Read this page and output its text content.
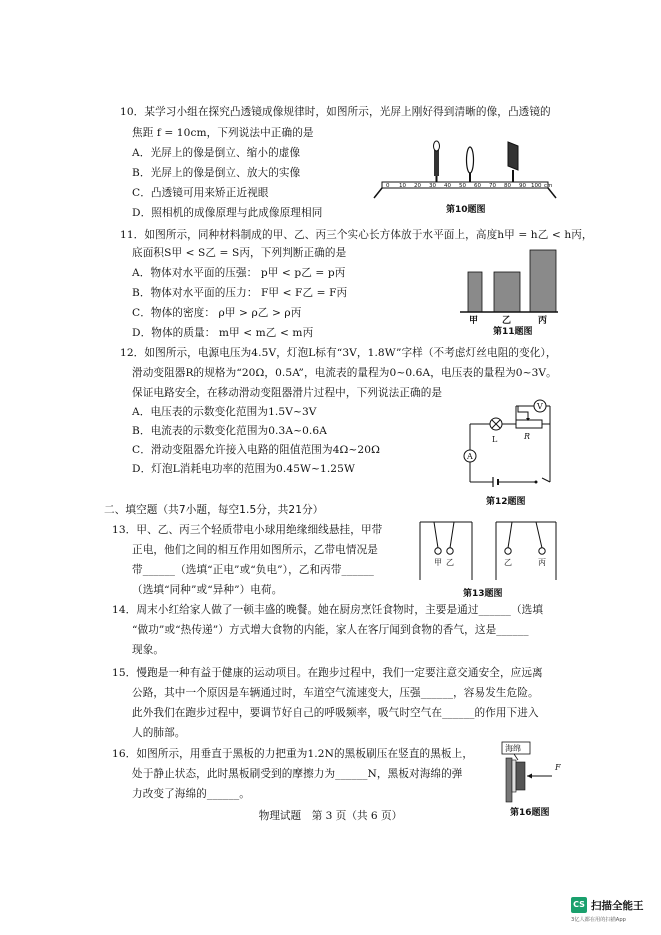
10．某学习小组在探究凸透镜成像规律时，如图所示，光屏上刚好得到清晰的像，凸透镜的
焦距 f = 10cm，下列说法中正确的是
A．光屏上的像是倒立、缩小的虚像
B．光屏上的像是倒立、放大的实像
C．凸透镜可用来矫正近视眼
D．照相机的成像原理与此成像原理相同
0 10 20 30 40 50 60 70 80 90 100 cm
第10题图
11．如图所示，同种材料制成的甲、乙、丙三个实心长方体放于水平面上，高度h甲 = h乙 < h丙，
底面积S甲 < S乙 = S丙，下列判断正确的是
A．物体对水平面的压强： p甲 < p乙 = p丙
B．物体对水平面的压力： F甲 < F乙 = F丙
C．物体的密度： ρ甲 > ρ乙 > ρ丙
D．物体的质量： m甲 < m乙 < m丙
甲	乙	丙
第11题图
12．如图所示，电源电压为4.5V，灯泡L标有“3V，1.8W”字样（不考虑灯丝电阻的变化），
滑动变阻器R的规格为“20Ω，0.5A”，电流表的量程为0~0.6A，电压表的量程为0~3V。
保证电路安全，在移动滑动变阻器滑片过程中，下列说法正确的是
A．电压表的示数变化范围为1.5V~3V
B．电流表的示数变化范围为0.3A~0.6A
C．滑动变阻器允许接入电路的阻值范围为4Ω~20Ω
D．灯泡L消耗电功率的范围为0.45W~1.25W
L	R
V
A
第12题图
二、填空题（共7小题，每空1.5分，共21分）
13．甲、乙、丙三个轻质带电小球用绝缘细线悬挂，甲带
正电，他们之间的相互作用如图所示，乙带电情况是
带______（选填“正电”或“负电”），乙和丙带______
（选填“同种”或“异种”）电荷。
甲 乙	乙	丙
第13题图
14．周末小红给家人做了一顿丰盛的晚餐。她在厨房烹饪食物时，主要是通过______（选填
“做功”或“热传递”）方式增大食物的内能，家人在客厅闻到食物的香气，这是______
现象。
15．慢跑是一种有益于健康的运动项目。在跑步过程中，我们一定要注意交通安全，应远离
公路，其中一个原因是车辆通过时，车道空气流速变大，压强______，容易发生危险。
此外我们在跑步过程中，要调节好自己的呼吸频率，吸气时空气在______的作用下进入
人的肺部。
16．如图所示，用垂直于黑板的力把重为1.2N的黑板刷压在竖直的黑板上，
处于静止状态，此时黑板刷受到的摩擦力为______N，黑板对海绵的弹
力改变了海绵的______。
海绵
F
第16题图
物理试题　第 3 页（共 6 页）
CS 扫描全能王
3亿人都在用的扫描App
